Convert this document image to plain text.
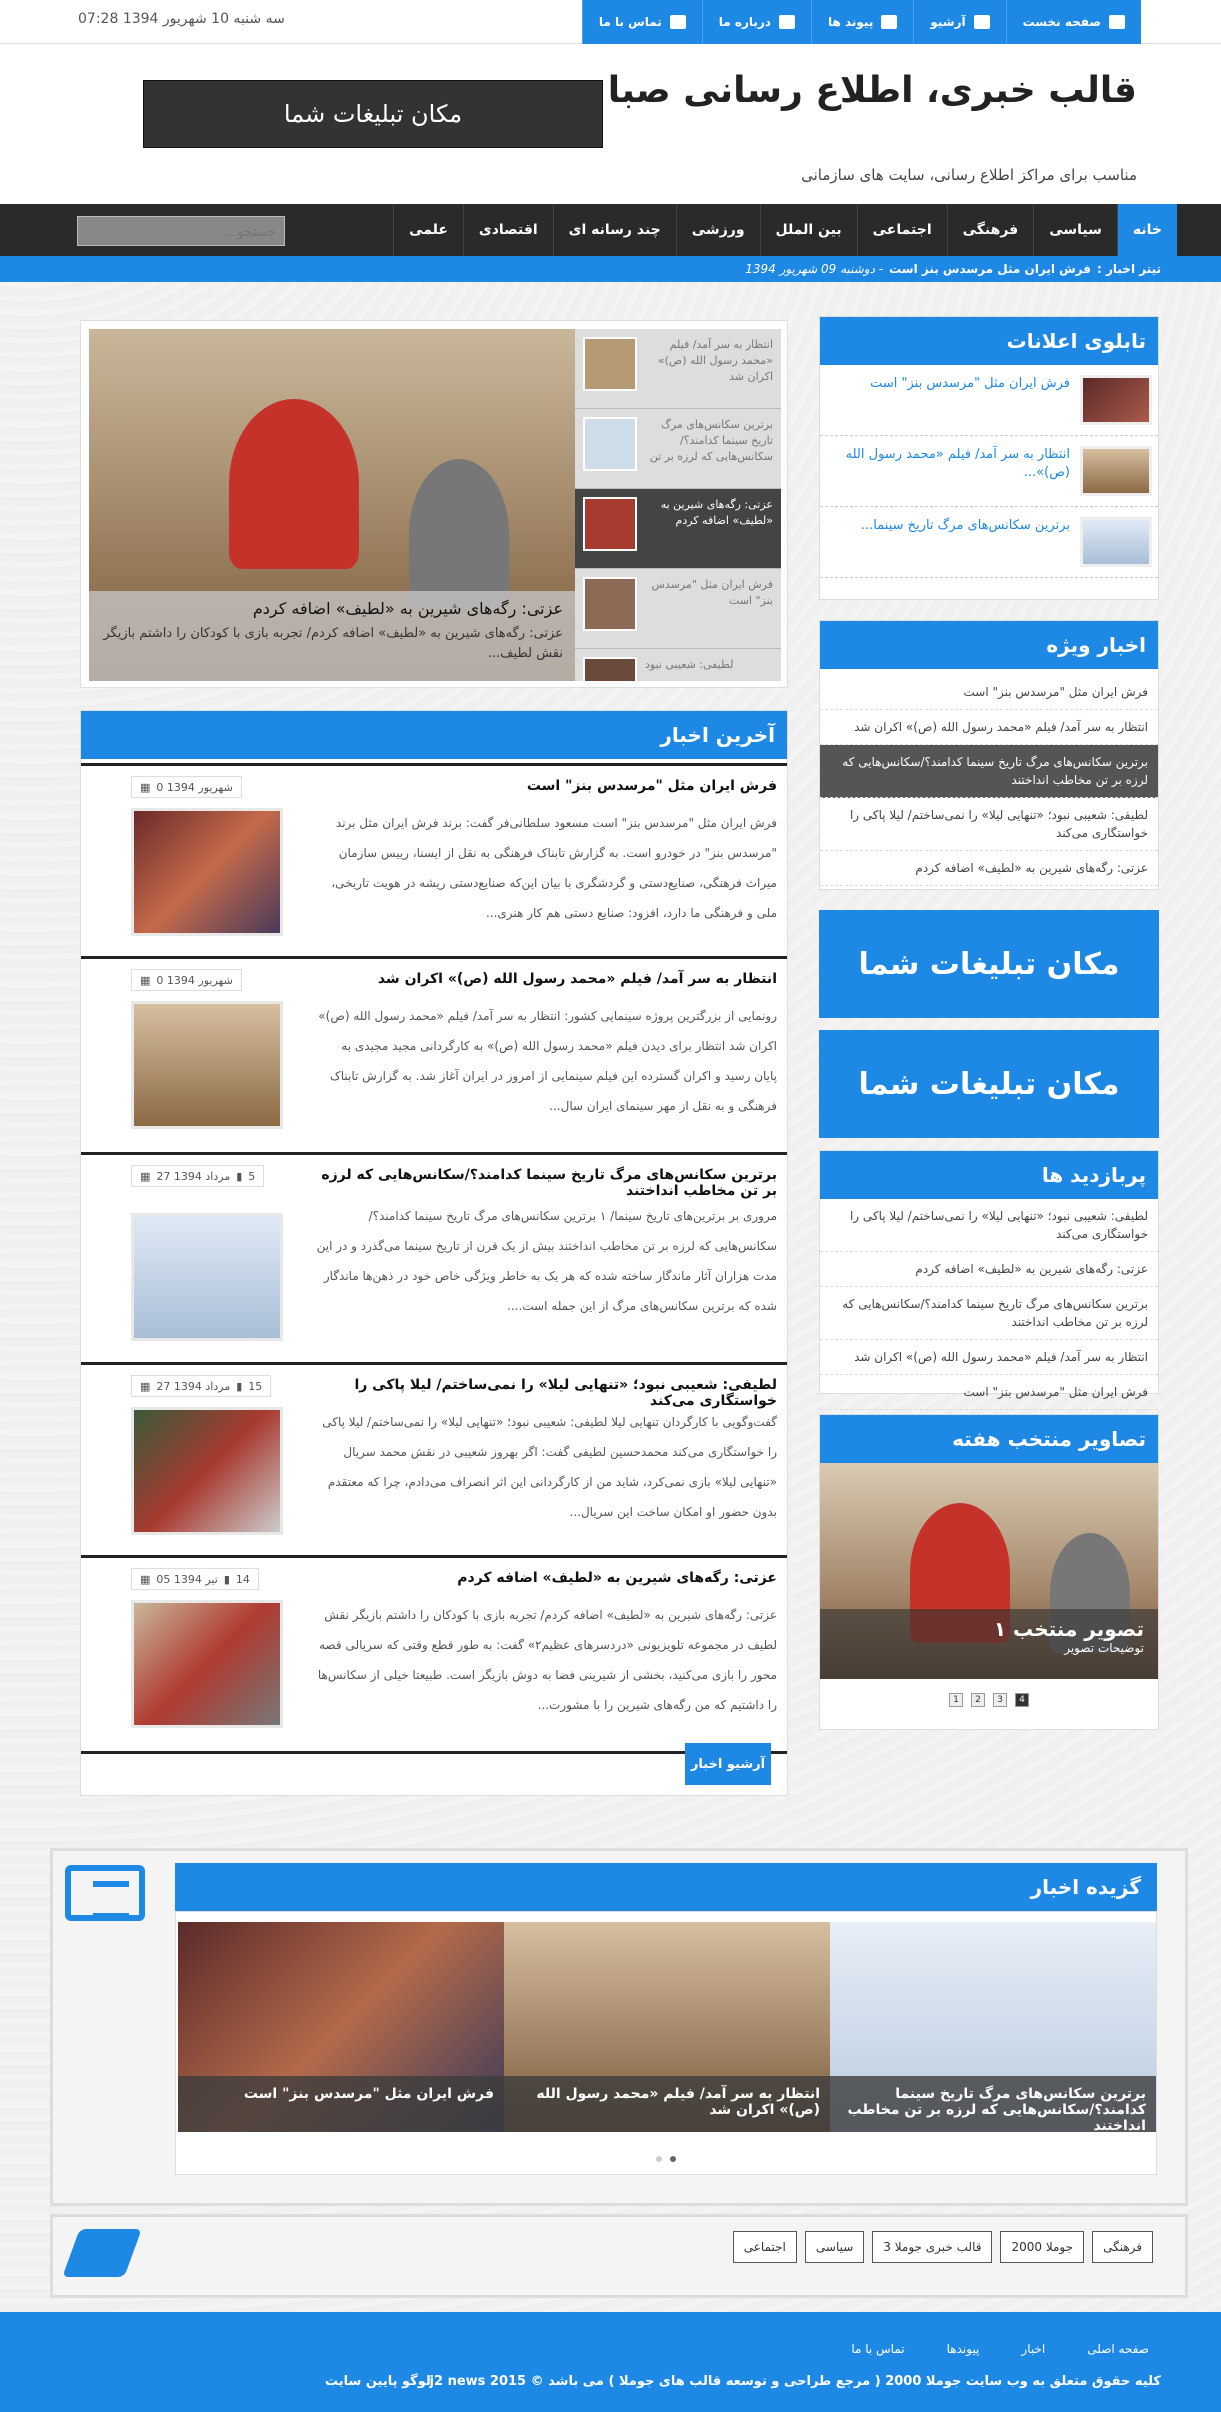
صفحه نخست
آرشیو
پیوند ها
درباره ما
تماس با ما
سه شنبه 10 شهریور 1394 07:28
قالب خبری، اطلاع رسانی صبا
مناسب برای مراکز اطلاع رسانی، سایت های سازمانی
مکان تبلیغات شما
خانه
سیاسی
فرهنگی
اجتماعی
بین الملل
ورزشی
چند رسانه ای
اقتصادی
علمی
جستجو...
تیتر اخبار :
فرش ایران مثل مرسدس بنز است
- دوشنبه 09 شهریور 1394
عزتی: رگه‌های شیرین به «لطیف» اضافه کردم
عزتی: رگه‌های شیرین به «لطیف» اضافه کردم/ تجربه بازی با کودکان را داشتم بازیگر نقش لطیف...
انتظار به سر آمد/ فیلم «محمد رسول الله (ص)» اکران شد
برترین سکانس‌های مرگ تاریخ سینما کدامند؟/ سکانس‌هایی که لرزه بر تن
عزتی: رگه‌های شیرین به «لطیف» اضافه کردم
فرش ایران مثل "مرسدس بنز" است
لطیفی: شعیبی نبود
آخرین اخبار
▦ 0 شهریور 1394	فرش ایران مثل "مرسدس بنز" است
فرش ایران مثل "مرسدس بنز" است مسعود سلطانی‌فر گفت: برند فرش ایران مثل برند "مرسدس بنز" در خودرو است. به گزارش تابناک فرهنگی به نقل از ایسنا، رییس سازمان میراث فرهنگی، صنایع‌دستی و گردشگری با بیان این‌که صنایع‌دستی ریشه در هویت تاریخی، ملی و فرهنگی ما دارد، افزود: صنایع دستی هم کار هنری...
▦ 0 شهریور 1394	انتظار به سر آمد/ فیلم «محمد رسول الله (ص)» اکران شد
رونمایی از بزرگترین پروژه سینمایی کشور: انتظار به سر آمد/ فیلم «محمد رسول الله (ص)» اکران شد انتظار برای دیدن فیلم «محمد رسول الله (ص)» به کارگردانی مجید مجیدی به پایان رسید و اکران گسترده این فیلم سینمایی از امروز در ایران آغاز شد. به گزارش تابناک فرهنگی و به نقل از مهر سینمای ایران سال...
▦ 27 مرداد 1394 ▮ 5	برترین سکانس‌های مرگ تاریخ سینما کدامند؟/سکانس‌هایی که لرزه بر تن مخاطب انداختند
مروری بر برترین‌های تاریخ سینما/ ۱ برترین سکانس‌های مرگ تاریخ سینما کدامند؟/ سکانس‌هایی که لرزه بر تن مخاطب انداختند بیش از یک قرن از تاریخ سینما می‌گذرد و در این مدت هزاران آثار ماندگار ساخته شده که هر یک به خاطر ویژگی خاص خود در ذهن‌ها ماندگار شده که برترین سکانس‌های مرگ از این جمله است....
▦ 27 مرداد 1394 ▮ 15	لطیفی: شعیبی نبود؛ «تنهایی لیلا» را نمی‌ساختم/ لیلا پاکی را خواستگاری می‌کند
گفت‌وگویی با کارگردان تنهایی لیلا لطیفی: شعیبی نبود؛ «تنهایی لیلا» را نمی‌ساختم/ لیلا پاکی را خواستگاری می‌کند محمدحسین لطیفی گفت: اگر بهروز شعیبی در نقش محمد سریال «تنهایی لیلا» بازی نمی‌کرد، شاید من از کارگردانی این اثر انصراف می‌دادم، چرا که معتقدم بدون حضور او امکان ساخت این سریال...
▦ 05 تیر 1394 ▮ 14	عزتی: رگه‌های شیرین به «لطیف» اضافه کردم
عزتی: رگه‌های شیرین به «لطیف» اضافه کردم/ تجربه بازی با کودکان را داشتم بازیگر نقش لطیف در مجموعه تلویزیونی «دردسرهای عظیم۲» گفت: به طور قطع وقتی که سریالی قصه محور را بازی می‌کنید، بخشی از شیرینی فضا به دوش بازیگر است. طبیعتا خیلی از سکانس‌ها را داشتیم که من رگه‌های شیرین را با مشورت...
آرشیو اخبار
تابلوی اعلانات
فرش ایران مثل "مرسدس بنز" است
انتظار به سر آمد/ فیلم «محمد رسول الله (ص)»...
برترین سکانس‌های مرگ تاریخ سینما...
اخبار ویژه
فرش ایران مثل "مرسدس بنز" است
انتظار به سر آمد/ فیلم «محمد رسول الله (ص)» اکران شد
برترین سکانس‌های مرگ تاریخ سینما کدامند؟/سکانس‌هایی که لرزه بر تن مخاطب انداختند
لطیفی: شعیبی نبود؛ «تنهایی لیلا» را نمی‌ساختم/ لیلا پاکی را خواستگاری می‌کند
عزتی: رگه‌های شیرین به «لطیف» اضافه کردم
مکان تبلیغات شما
مکان تبلیغات شما
پربازدید ها
لطیفی: شعیبی نبود؛ «تنهایی لیلا» را نمی‌ساختم/ لیلا پاکی را خواستگاری می‌کند
عزتی: رگه‌های شیرین به «لطیف» اضافه کردم
برترین سکانس‌های مرگ تاریخ سینما کدامند؟/سکانس‌هایی که لرزه بر تن مخاطب انداختند
انتظار به سر آمد/ فیلم «محمد رسول الله (ص)» اکران شد
فرش ایران مثل "مرسدس بنز" است
تصاویر منتخب هفته
تصویر منتخب ۱
توضیحات تصویر
1	2	3	4
گزیده اخبار
برترین سکانس‌های مرگ تاریخ سینما کدامند؟/سکانس‌هایی که لرزه بر تن مخاطب انداختند
انتظار به سر آمد/ فیلم «محمد رسول الله (ص)» اکران شد
فرش ایران مثل "مرسدس بنز" است
فرهنگی
جوملا 2000
قالب خبری جوملا 3
سیاسی
اجتماعی
صفحه اصلی
اخبار
پیوندها
تماس با ما
کلیه حقوق متعلق به وب سایت جوملا 2000 ( مرجع طراحی و توسعه قالب های جوملا ) می باشد © j2 news 2015
لوگو پایین سایت
